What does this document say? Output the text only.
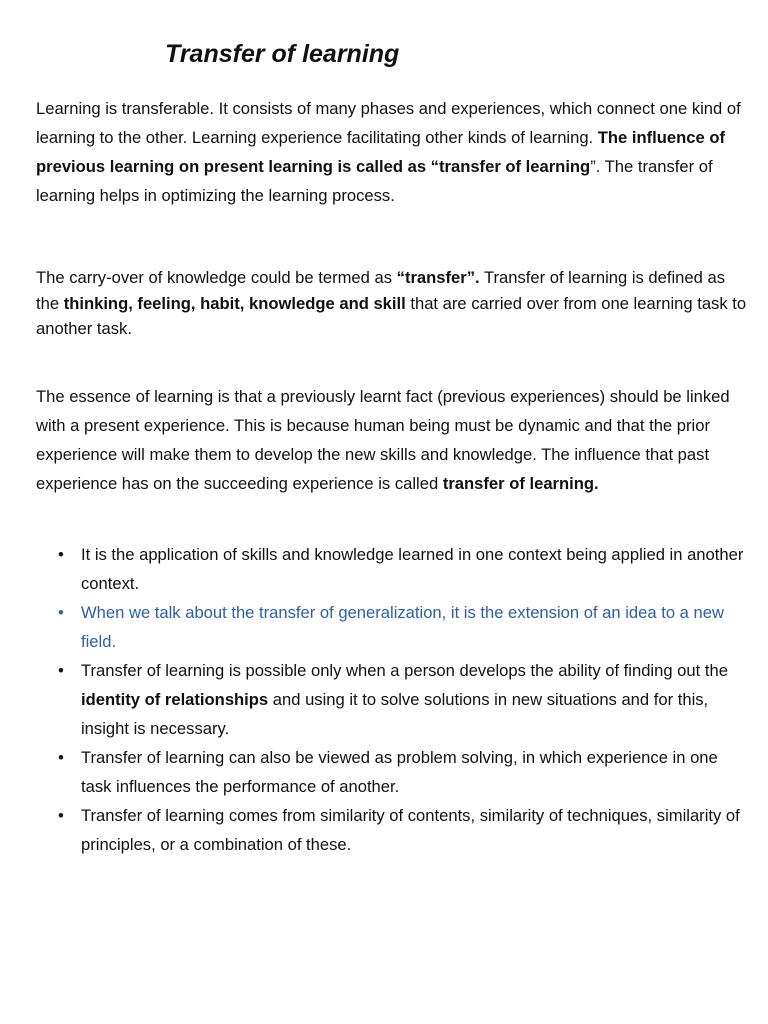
Transfer of learning

Learning is transferable. It consists of many phases and experiences, which connect one kind of learning to the other. Learning experience facilitating other kinds of learning. The influence of previous learning on present learning is called as “transfer of learning”. The transfer of learning helps in optimizing the learning process.

The carry-over of knowledge could be termed as “transfer”. Transfer of learning is defined as the thinking, feeling, habit, knowledge and skill that are carried over from one learning task to another task.

The essence of learning is that a previously learnt fact (previous experiences) should be linked with a present experience. This is because human being must be dynamic and that the prior experience will make them to develop the new skills and knowledge. The influence that past experience has on the succeeding experience is called transfer of learning.

• It is the application of skills and knowledge learned in one context being applied in another context.
• When we talk about the transfer of generalization, it is the extension of an idea to a new field.
• Transfer of learning is possible only when a person develops the ability of finding out the identity of relationships and using it to solve solutions in new situations and for this, insight is necessary.
• Transfer of learning can also be viewed as problem solving, in which experience in one task influences the performance of another.
• Transfer of learning comes from similarity of contents, similarity of techniques, similarity of principles, or a combination of these.
